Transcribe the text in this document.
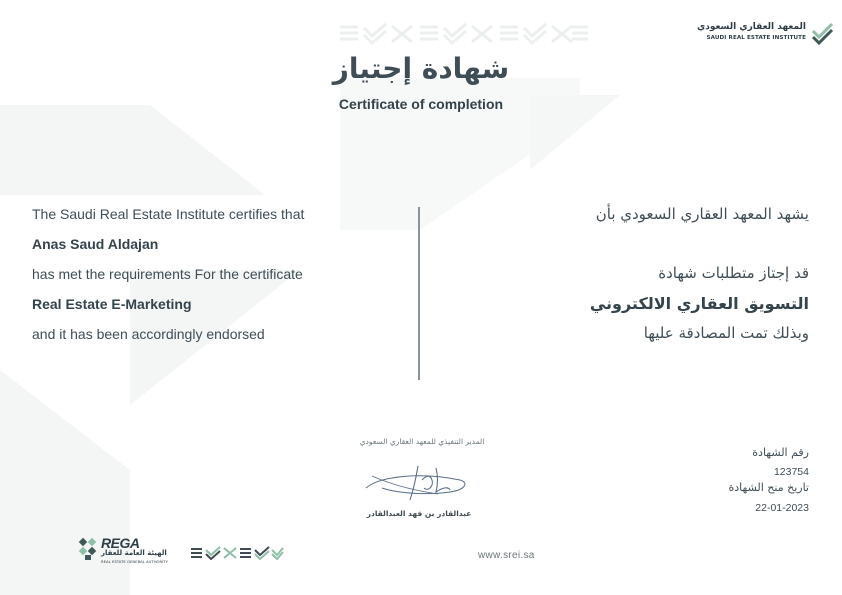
المعهد العقاري السعودي
SAUDI REAL ESTATE INSTITUTE
شهادة إجتياز
Certificate of completion
The Saudi Real Estate Institute certifies that
Anas Saud Aldajan
has met the requirements For the certificate
Real Estate E-Marketing
and it has been accordingly endorsed
يشهد المعهد العقاري السعودي بأن
قد إجتاز متطلبات شهادة
التسويق العقاري الالكتروني
وبذلك تمت المصادقة عليها
رقم الشهادة
123754
تاريخ منح الشهادة
22-01-2023
المدير التنفيذي للمعهد العقاري السعودي
عبدالقادر بن فهد العبدالقادر
REGA
الهيئة العامة للعقار
REAL ESTATE GENERAL AUTHORITY
www.srei.sa
